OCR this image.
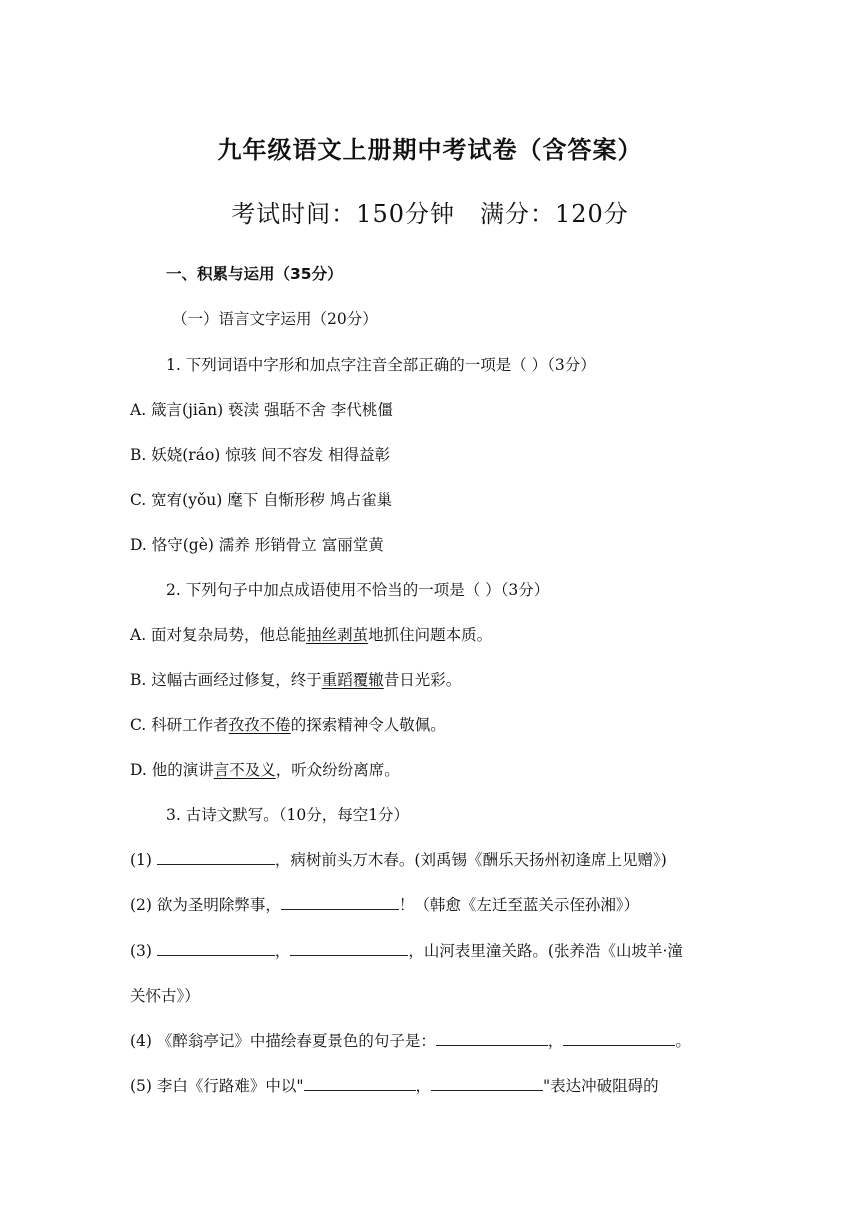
九年级语文上册期中考试卷（含答案）
考试时间：150分钟　满分：120分
一、积累与运用（35分）
（一）语言文字运用（20分）
1. 下列词语中字形和加点字注音全部正确的一项是（ ）（3分）
A. 箴言(jiān) 亵渎 强聒不舍 李代桃僵
B. 妖娆(ráo) 惊骇 间不容发 相得益彰
C. 宽宥(yǒu) 麾下 自惭形秽 鸠占雀巢
D. 恪守(gè) 濡养 形销骨立 富丽堂黄
2. 下列句子中加点成语使用不恰当的一项是（ ）（3分）
A. 面对复杂局势，他总能抽丝剥茧地抓住问题本质。
B. 这幅古画经过修复，终于重蹈覆辙昔日光彩。
C. 科研工作者孜孜不倦的探索精神令人敬佩。
D. 他的演讲言不及义，听众纷纷离席。
3. 古诗文默写。（10分，每空1分）
(1)	，病树前头万木春。(刘禹锡《酬乐天扬州初逢席上见赠》)
(2) 欲为圣明除弊事，	！（韩愈《左迁至蓝关示侄孙湘》）
(3)	，	，山河表里潼关路。(张养浩《山坡羊·潼
关怀古》）
(4) 《醉翁亭记》中描绘春夏景色的句子是：	，	。
(5) 李白《行路难》中以"	，	"表达冲破阻碍的
